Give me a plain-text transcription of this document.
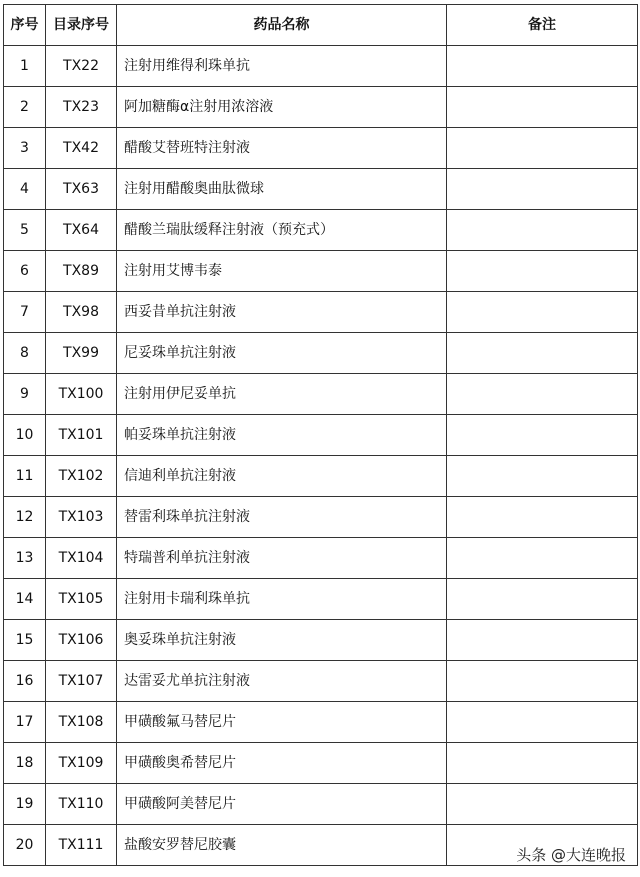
序号	目录序号	药品名称	备注
1	TX22	注射用维得利珠单抗	
2	TX23	阿加糖酶α注射用浓溶液	
3	TX42	醋酸艾替班特注射液	
4	TX63	注射用醋酸奥曲肽微球	
5	TX64	醋酸兰瑞肽缓释注射液（预充式）	
6	TX89	注射用艾博韦泰	
7	TX98	西妥昔单抗注射液	
8	TX99	尼妥珠单抗注射液	
9	TX100	注射用伊尼妥单抗	
10	TX101	帕妥珠单抗注射液	
11	TX102	信迪利单抗注射液	
12	TX103	替雷利珠单抗注射液	
13	TX104	特瑞普利单抗注射液	
14	TX105	注射用卡瑞利珠单抗	
15	TX106	奥妥珠单抗注射液	
16	TX107	达雷妥尤单抗注射液	
17	TX108	甲磺酸氟马替尼片	
18	TX109	甲磺酸奥希替尼片	
19	TX110	甲磺酸阿美替尼片	
20	TX111	盐酸安罗替尼胶囊	
头条 @大连晚报
